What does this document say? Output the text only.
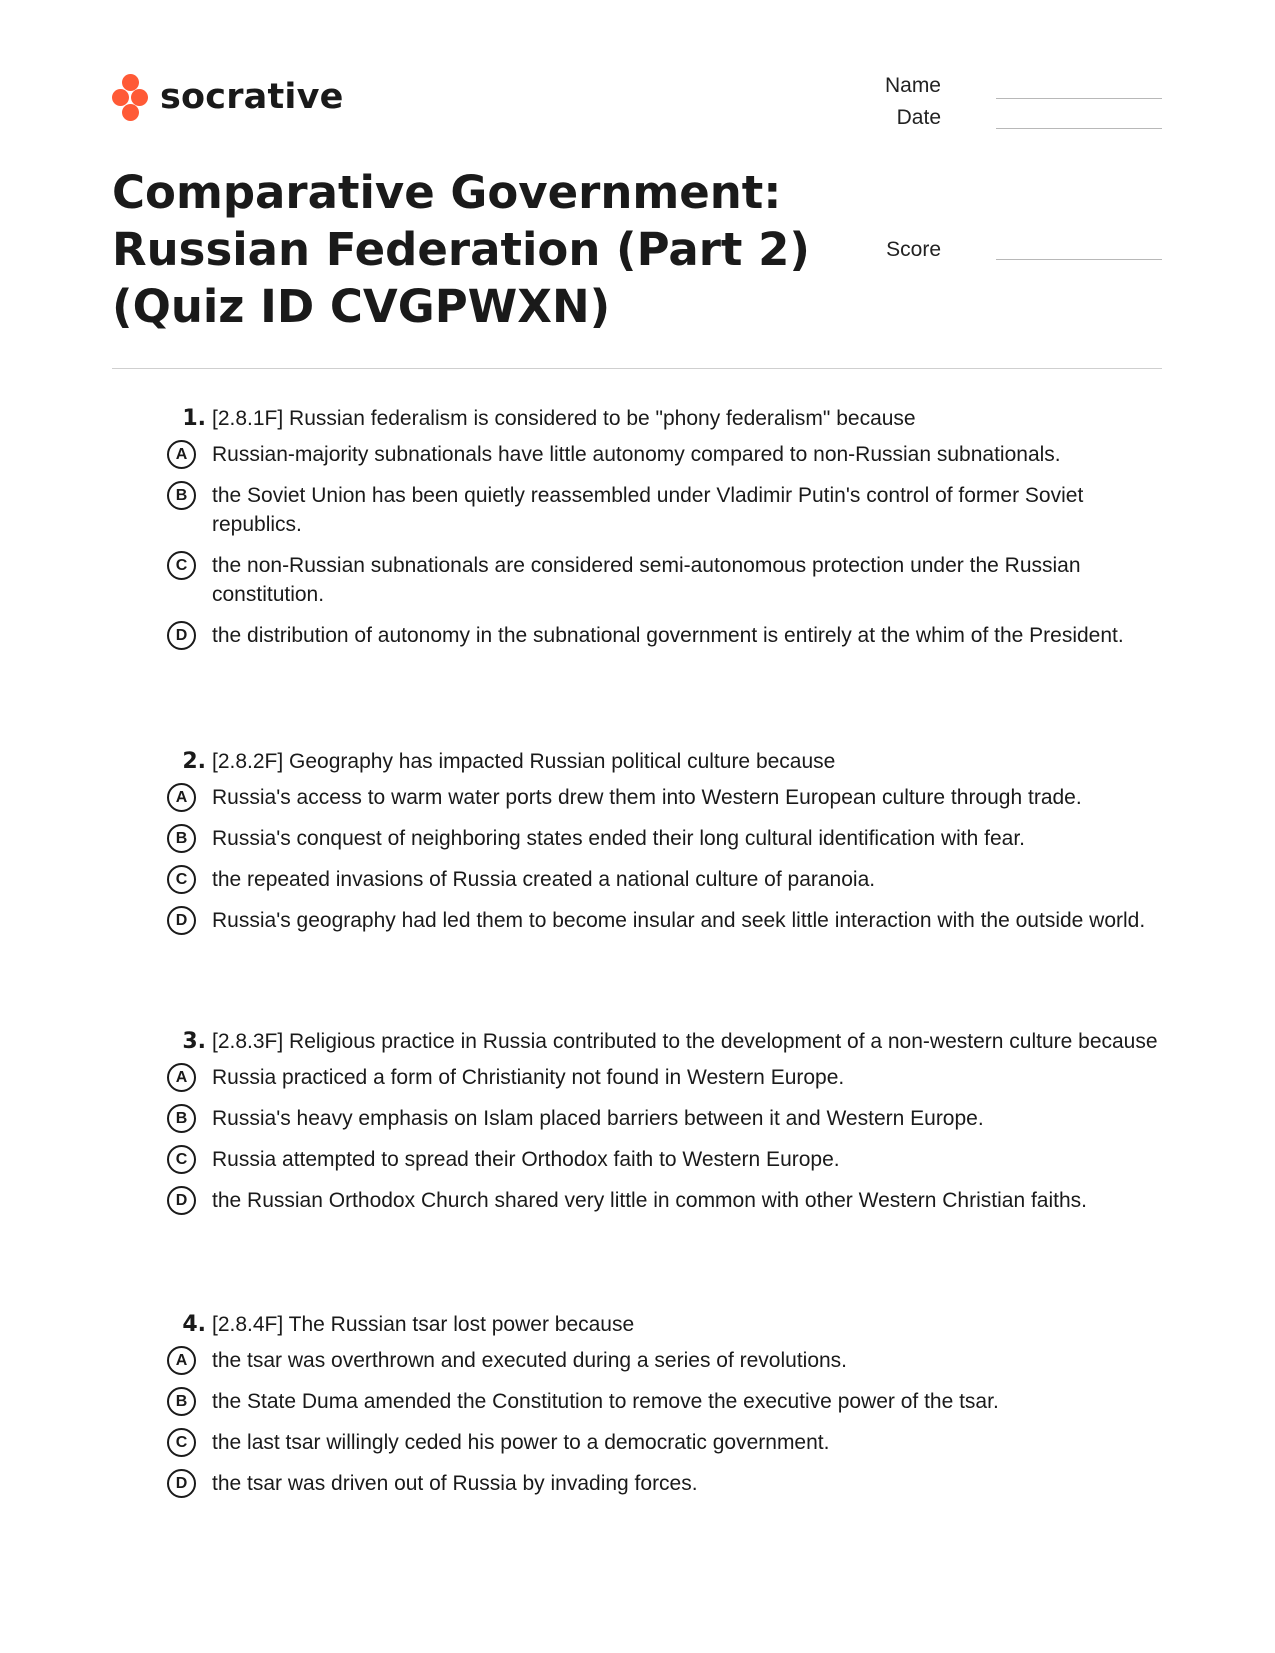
socrative	Name
Date
Score
Comparative Government: Russian Federation (Part 2) (Quiz ID CVGPWXN)
1. [2.8.1F] Russian federalism is considered to be "phony federalism" because
A	Russian-majority subnationals have little autonomy compared to non-Russian subnationals.
B	the Soviet Union has been quietly reassembled under Vladimir Putin's control of former Soviet republics.
C	the non-Russian subnationals are considered semi-autonomous protection under the Russian constitution.
D	the distribution of autonomy in the subnational government is entirely at the whim of the President.
2. [2.8.2F] Geography has impacted Russian political culture because
A	Russia's access to warm water ports drew them into Western European culture through trade.
B	Russia's conquest of neighboring states ended their long cultural identification with fear.
C	the repeated invasions of Russia created a national culture of paranoia.
D	Russia's geography had led them to become insular and seek little interaction with the outside world.
3. [2.8.3F] Religious practice in Russia contributed to the development of a non-western culture because
A	Russia practiced a form of Christianity not found in Western Europe.
B	Russia's heavy emphasis on Islam placed barriers between it and Western Europe.
C	Russia attempted to spread their Orthodox faith to Western Europe.
D	the Russian Orthodox Church shared very little in common with other Western Christian faiths.
4. [2.8.4F] The Russian tsar lost power because
A	the tsar was overthrown and executed during a series of revolutions.
B	the State Duma amended the Constitution to remove the executive power of the tsar.
C	the last tsar willingly ceded his power to a democratic government.
D	the tsar was driven out of Russia by invading forces.
